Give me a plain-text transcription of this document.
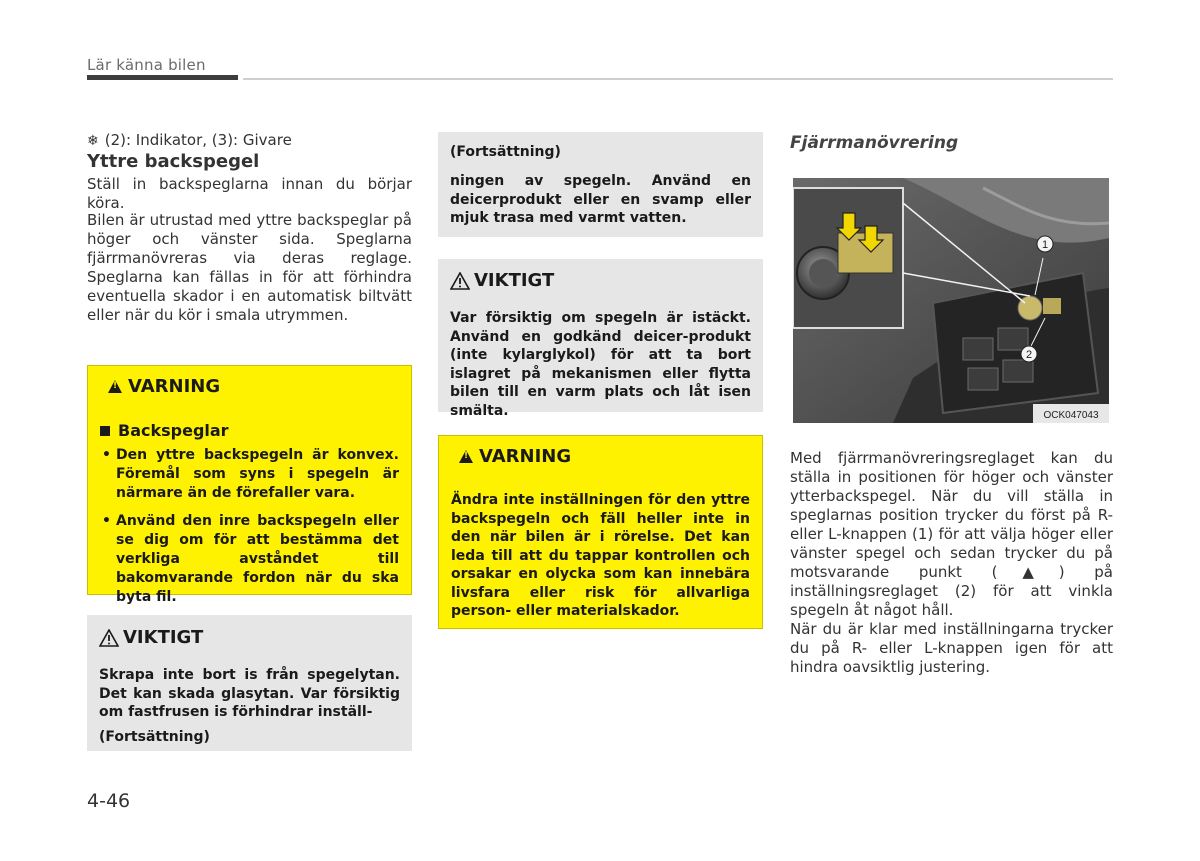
Lär känna bilen
❄ (2): Indikator, (3): Givare
Yttre backspegel
Ställ in backspeglarna innan du börjar köra.
Bilen är utrustad med yttre backspeglar på höger och vänster sida. Speglarna fjärrmanövreras via deras reglage. Speglarna kan fällas in för att förhindra eventuella skador i en automatisk biltvätt eller när du kör i smala utrymmen.
!
VARNING
Backspeglar
• Den yttre backspegeln är konvex. Föremål som syns i spegeln är närmare än de förefaller vara.
• Använd den inre backspegeln eller se dig om för att bestämma det verkliga avståndet till bakomvarande fordon när du ska byta fil.
VIKTIGT
Skrapa inte bort is från spegelytan. Det kan skada glasytan. Var försiktig om fastfrusen is förhindrar inställ-
(Fortsättning)
(Fortsättning)
ningen av spegeln. Använd en deicerprodukt eller en svamp eller mjuk trasa med varmt vatten.
VIKTIGT
Var försiktig om spegeln är istäckt. Använd en godkänd deicer-produkt (inte kylarglykol) för att ta bort islagret på mekanismen eller flytta bilen till en varm plats och låt isen smälta.
!
VARNING
Ändra inte inställningen för den yttre backspegeln och fäll heller inte in den när bilen är i rörelse. Det kan leda till att du tappar kontrollen och orsakar en olycka som kan innebära livsfara eller risk för allvarliga person- eller materialskador.
Fjärrmanövrering
1
2
OCK047043
Med fjärrmanövreringsreglaget kan du ställa in positionen för höger och vänster ytterbackspegel. När du vill ställa in speglarnas position trycker du först på R- eller L-knappen (1) för att välja höger eller vänster spegel och sedan trycker du på motsvarande punkt (▲) på inställningsreglaget (2) för att vinkla spegeln åt något håll.
När du är klar med inställningarna trycker du på R- eller L-knappen igen för att hindra oavsiktlig justering.
4-46
